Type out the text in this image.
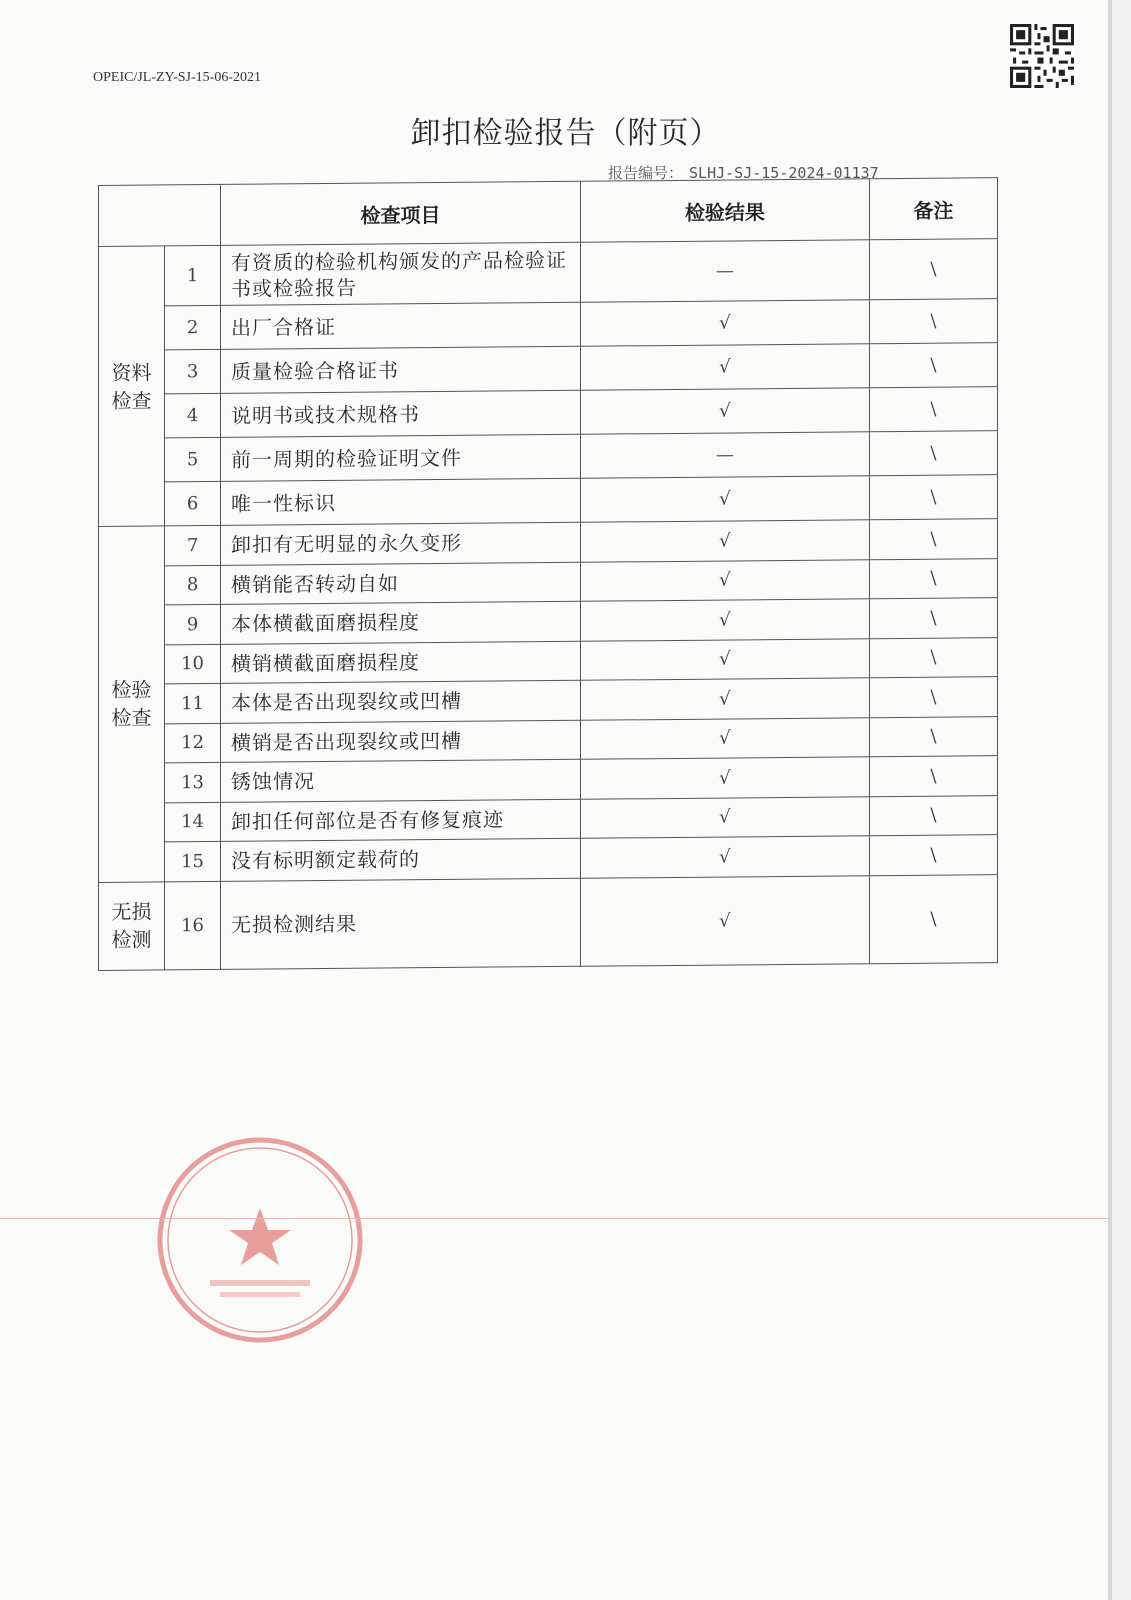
OPEIC/JL-ZY-SJ-15-06-2021
卸扣检验报告（附页）
报告编号： SLHJ-SJ-15-2024-01137
		检查项目	检验结果	备注

资料
检查	1	有资质的检验机构颁发的产品检验证书或检验报告	—	\
	2	出厂合格证	√	\
	3	质量检验合格证书	√	\
	4	说明书或技术规格书	√	\
	5	前一周期的检验证明文件	—	\
	6	唯一性标识	√	\

检验
检查	7	卸扣有无明显的永久变形	√	\
	8	横销能否转动自如	√	\
	9	本体横截面磨损程度	√	\
	10	横销横截面磨损程度	√	\
	11	本体是否出现裂纹或凹槽	√	\
	12	横销是否出现裂纹或凹槽	√	\
	13	锈蚀情况	√	\
	14	卸扣任何部位是否有修复痕迹	√	\
	15	没有标明额定载荷的	√	\

无损
检测	16	无损检测结果	√	\
